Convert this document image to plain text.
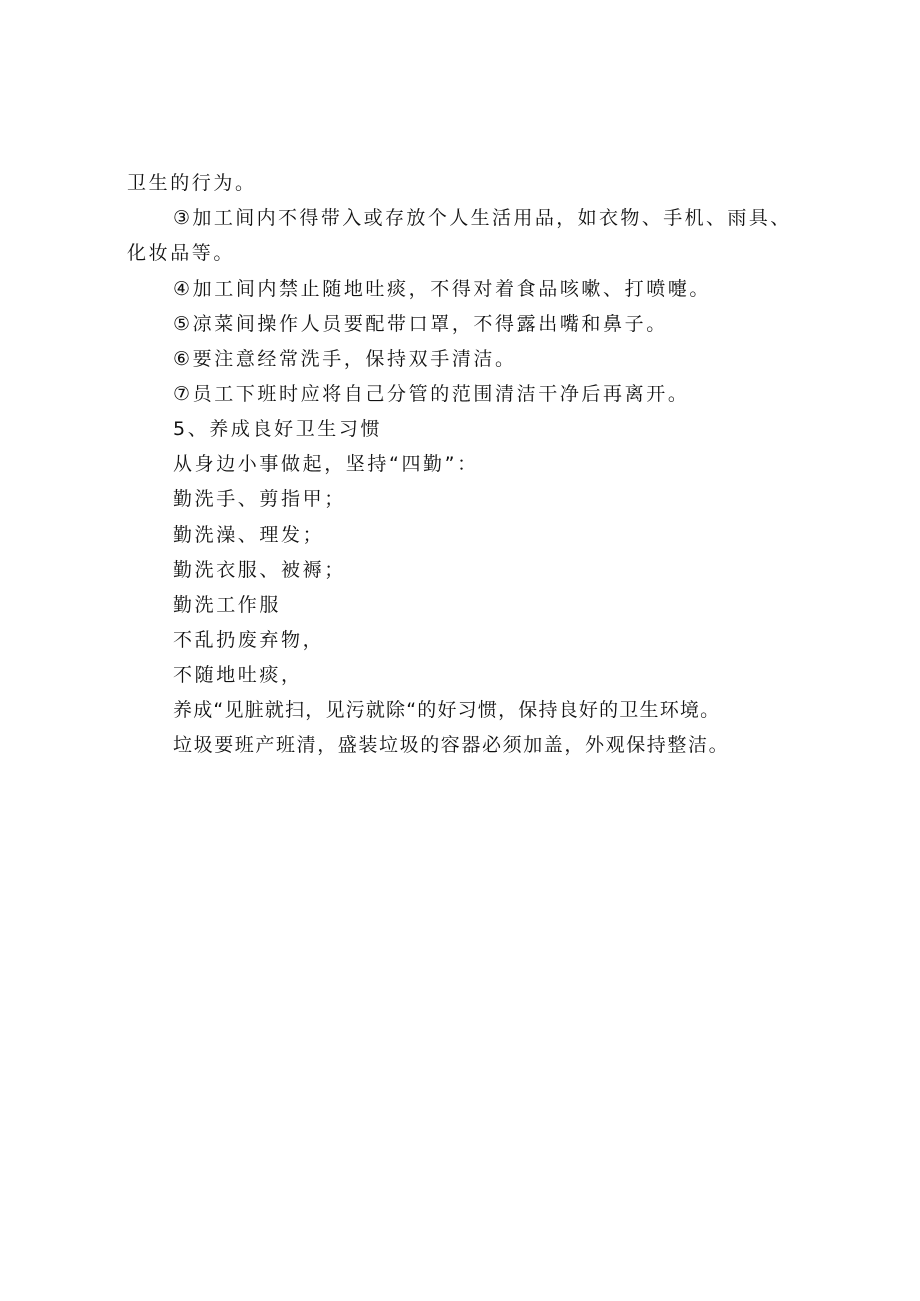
卫生的行为。
③加工间内不得带入或存放个人生活用品，如衣物、手机、雨具、
化妆品等。
④加工间内禁止随地吐痰，不得对着食品咳嗽、打喷嚏。
⑤凉菜间操作人员要配带口罩，不得露出嘴和鼻子。
⑥要注意经常洗手，保持双手清洁。
⑦员工下班时应将自己分管的范围清洁干净后再离开。
5、养成良好卫生习惯
从身边小事做起，坚持“四勤”：
勤洗手、剪指甲；
勤洗澡、理发；
勤洗衣服、被褥；
勤洗工作服
不乱扔废弃物，
不随地吐痰，
养成“见脏就扫，见污就除“的好习惯，保持良好的卫生环境。
垃圾要班产班清，盛装垃圾的容器必须加盖，外观保持整洁。
